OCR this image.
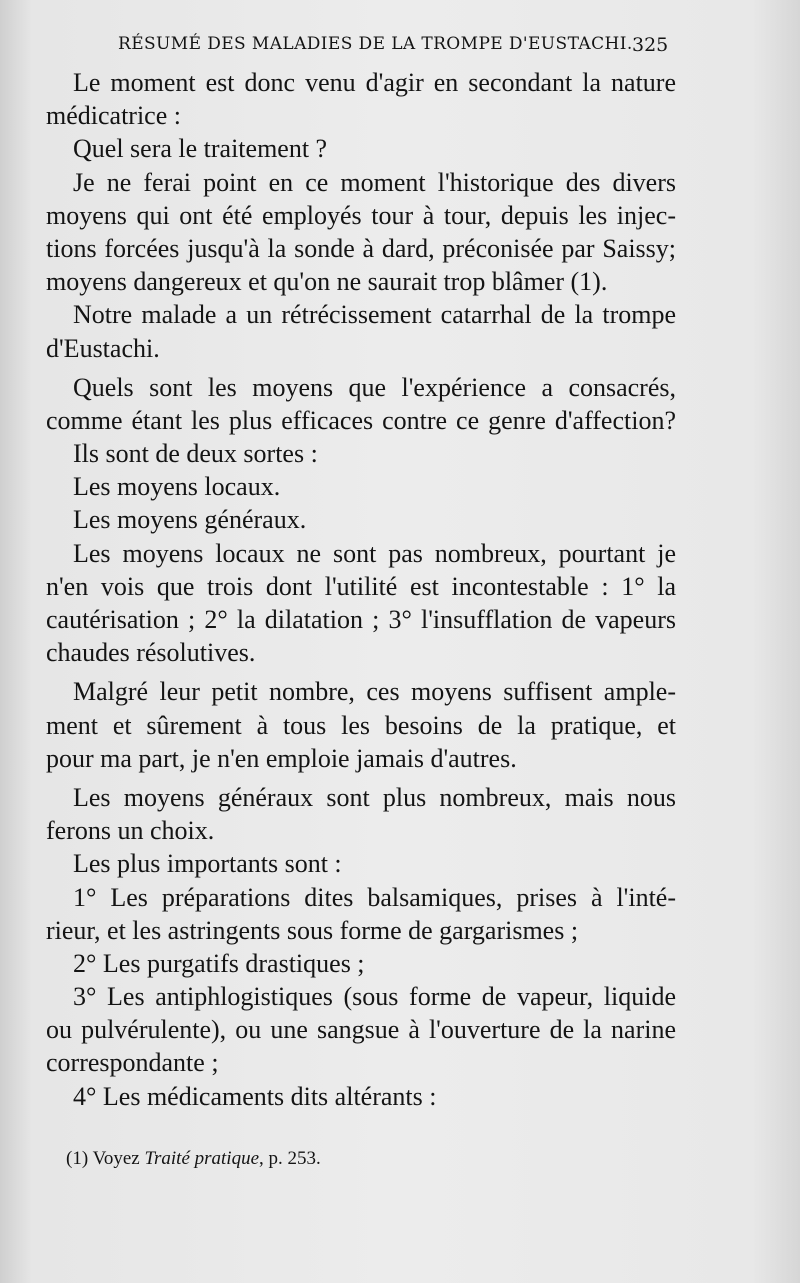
RÉSUMÉ DES MALADIES DE LA TROMPE D'EUSTACHI. 325
Le moment est donc venu d'agir en secondant la nature
médicatrice :
Quel sera le traitement ?
Je ne ferai point en ce moment l'historique des divers
moyens qui ont été employés tour à tour, depuis les injec-
tions forcées jusqu'à la sonde à dard, préconisée par Saissy;
moyens dangereux et qu'on ne saurait trop blâmer (1).
Notre malade a un rétrécissement catarrhal de la trompe
d'Eustachi.
Quels sont les moyens que l'expérience a consacrés,
comme étant les plus efficaces contre ce genre d'affection?
Ils sont de deux sortes :
Les moyens locaux.
Les moyens généraux.
Les moyens locaux ne sont pas nombreux, pourtant je
n'en vois que trois dont l'utilité est incontestable : 1° la
cautérisation ; 2° la dilatation ; 3° l'insufflation de vapeurs
chaudes résolutives.
Malgré leur petit nombre, ces moyens suffisent ample-
ment et sûrement à tous les besoins de la pratique, et
pour ma part, je n'en emploie jamais d'autres.
Les moyens généraux sont plus nombreux, mais nous
ferons un choix.
Les plus importants sont :
1° Les préparations dites balsamiques, prises à l'inté-
rieur, et les astringents sous forme de gargarismes ;
2° Les purgatifs drastiques ;
3° Les antiphlogistiques (sous forme de vapeur, liquide
ou pulvérulente), ou une sangsue à l'ouverture de la narine
correspondante ;
4° Les médicaments dits altérants :
(1) Voyez Traité pratique, p. 253.
